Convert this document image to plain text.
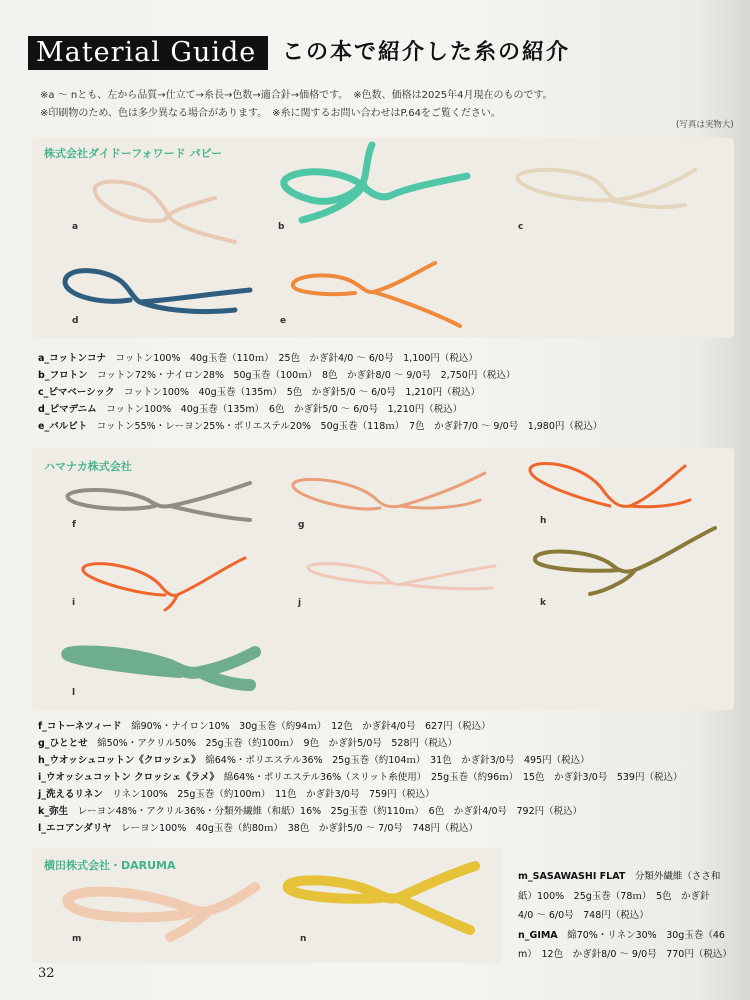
Material Guide	この本で紹介した糸の紹介
※a ～ nとも、左から品質→仕立て→糸長→色数→適合針→価格です。　※色数、価格は2025年4月現在のものです。
※印刷物のため、色は多少異なる場合があります。　※糸に関するお問い合わせはP.64をご覧ください。
(写真は実物大)
株式会社ダイドーフォワード パピー
a	b	c
d	e
a_コットンコナ　 コットン100%　40g玉巻（110ｍ）　25色　かぎ針4/0 ～ 6/0号　1,100円（税込）
b_フロトン　 コットン72%・ナイロン28%　50g玉巻（100ｍ）　8色　かぎ針8/0 ～ 9/0号　2,750円（税込）
c_ピマベーシック　 コットン100%　40g玉巻（135m）　5色　かぎ針5/0 ～ 6/0号　1,210円（税込）
d_ピマデニム　 コットン100%　40g玉巻（135m）　6色　かぎ針5/0 ～ 6/0号　1,210円（税込）
e_バルビト　 コットン55%・レーヨン25%・ポリエステル20%　50g玉巻（118ｍ）　7色　かぎ針7/0 ～ 9/0号　1,980円（税込）
ハマナカ株式会社
f	g	h
i	j	k
l
f_コトーネツィード　 綿90%・ナイロン10%　30g玉巻（約94ｍ）　12色　かぎ針4/0号　627円（税込）
g_ひととせ　 綿50%・アクリル50%　25g玉巻（約100ｍ）　9色　かぎ針5/0号　528円（税込）
h_ウオッシュコットン《クロッシェ》　 綿64%・ポリエステル36%　25g玉巻（約104ｍ）　31色　かぎ針3/0号　495円（税込）
i_ウオッシュコットン クロッシェ《ラメ》　 綿64%・ポリエステル36%（スリット糸使用）　25g玉巻（約96ｍ）　15色　かぎ針3/0号　539円（税込）
j_洗えるリネン　 リネン100%　25g玉巻（約100m）　11色　かぎ針3/0号　759円（税込）
k_弥生　 レーヨン48%・アクリル36%・分類外繊維（和紙）16%　25g玉巻（約110ｍ）　6色　かぎ針4/0号　792円（税込）
l_エコアンダリヤ　 レーヨン100%　40g玉巻（約80ｍ）　38色　かぎ針5/0 ～ 7/0号　748円（税込）
横田株式会社・DARUMA
m	n
m_SASAWASHI FLAT　 分類外繊維（ささ和
紙）100%　25g玉巻（78ｍ）　5色　かぎ針
4/0 ～ 6/0号　748円（税込）
n_GIMA　 綿70%・リネン30%　30g玉巻（46
m）　12色　かぎ針8/0 ～ 9/0号　770円（税込）
32
